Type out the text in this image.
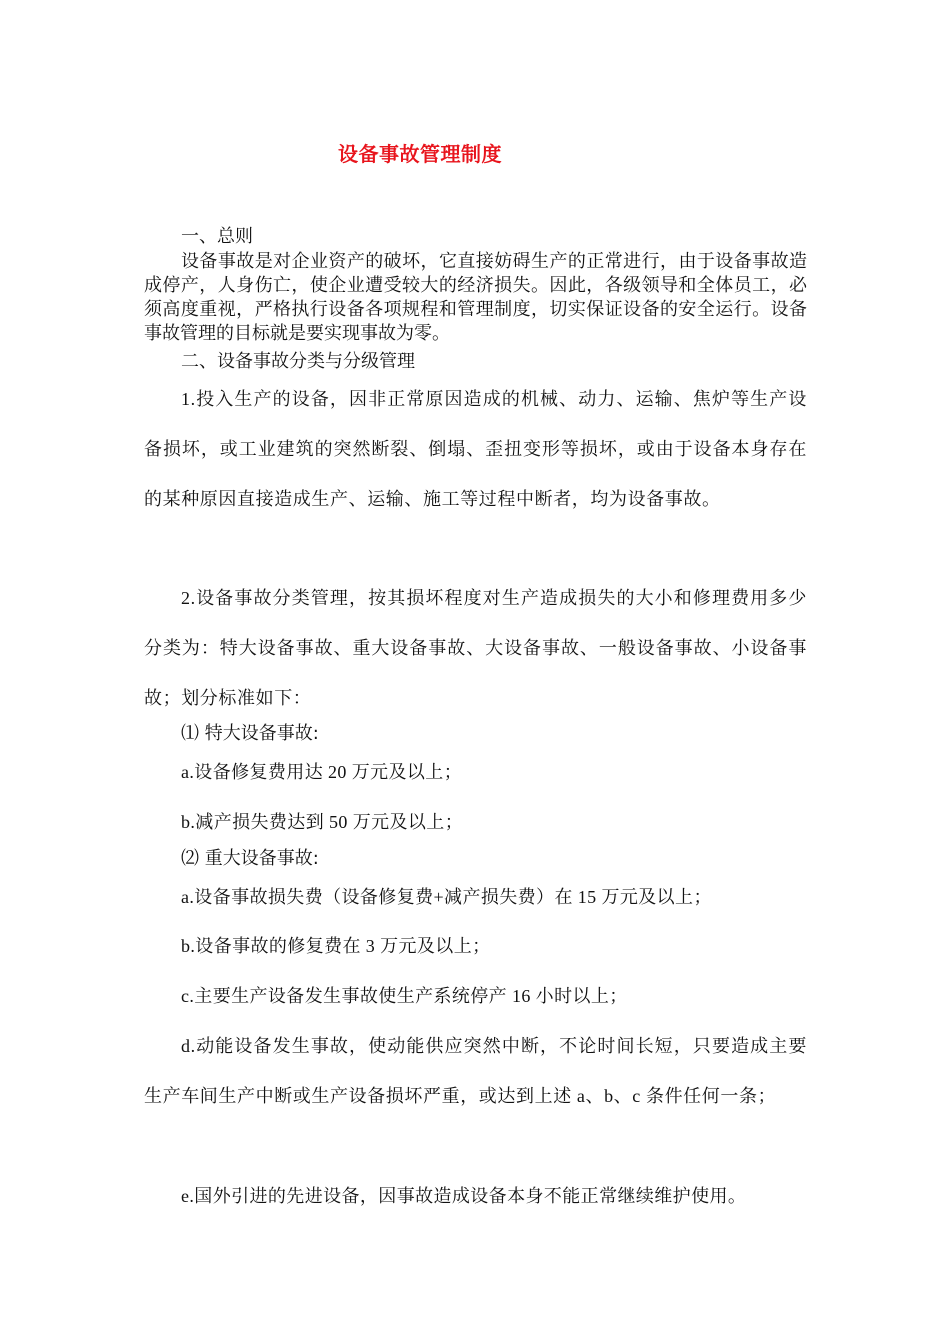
设备事故管理制度
一、总则

设备事故是对企业资产的破坏，它直接妨碍生产的正常进行，由于设备事故造成停产，人身伤亡，使企业遭受较大的经济损失。因此，各级领导和全体员工，必须高度重视，严格执行设备各项规程和管理制度，切实保证设备的安全运行。设备事故管理的目标就是要实现事故为零。

二、设备事故分类与分级管理

1.投入生产的设备，因非正常原因造成的机械、动力、运输、焦炉等生产设备损坏，或工业建筑的突然断裂、倒塌、歪扭变形等损坏，或由于设备本身存在的某种原因直接造成生产、运输、施工等过程中断者，均为设备事故。

2.设备事故分类管理，按其损坏程度对生产造成损失的大小和修理费用多少分类为：特大设备事故、重大设备事故、大设备事故、一般设备事故、小设备事故；划分标准如下：

⑴ 特大设备事故:
a.设备修复费用达 20 万元及以上；
b.减产损失费达到 50 万元及以上；
⑵ 重大设备事故:
a.设备事故损失费（设备修复费+减产损失费）在 15 万元及以上；
b.设备事故的修复费在 3 万元及以上；
c.主要生产设备发生事故使生产系统停产 16 小时以上；

d.动能设备发生事故，使动能供应突然中断，不论时间长短，只要造成主要生产车间生产中断或生产设备损坏严重，或达到上述 a、b、c 条件任何一条；

e.国外引进的先进设备，因事故造成设备本身不能正常继续维护使用。
